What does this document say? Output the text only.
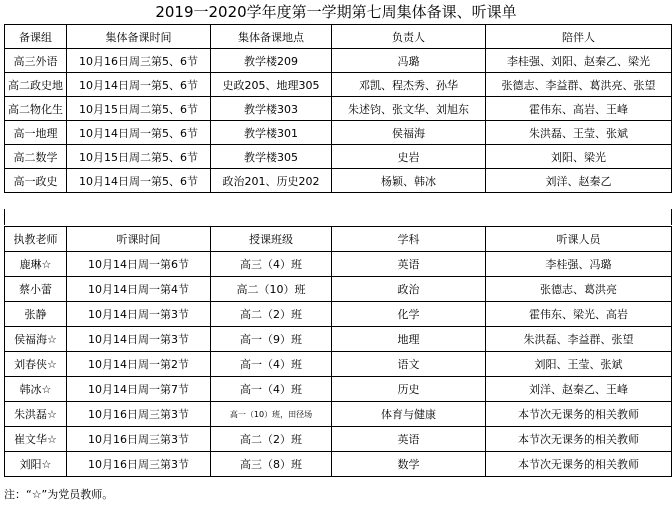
2019一2020学年度第一学期第七周集体备课、听课单
备课组	集体备课时间	集体备课地点	负责人	陪伴人
高三外语	10月16日周三第5、6节	教学楼209	冯璐	李桂强、刘阳、赵秦乙、梁光
高二政史地	10月14日周一第5、6节	史政205、地理305	邓凯、程杰秀、孙华	张德志、李益群、葛洪亮、张望
高二物化生	10月15日周二第5、6节	教学楼303	朱述钧、张文华、刘旭东	霍伟东、高岩、王峰
高一地理	10月14日周一第5、6节	教学楼301	侯福海	朱洪磊、王莹、张斌
高二数学	10月15日周二第5、6节	教学楼305	史岩	刘阳、梁光
高一政史	10月14日周一第5、6节	政治201、历史202	杨颖、韩冰	刘洋、赵秦乙
执教老师	听课时间	授课班级	学科	听课人员
鹿琳☆	10月14日周一第6节	高三（4）班	英语	李桂强、冯璐
蔡小蕾	10月14日周一第4节	高二（10）班	政治	张德志、葛洪亮
张静	10月14日周一第3节	高二（2）班	化学	霍伟东、梁光、高岩
侯福海☆	10月14日周一第3节	高一（9）班	地理	朱洪磊、李益群、张望
刘春侠☆	10月14日周一第2节	高一（4）班	语文	刘阳、王莹、张斌
韩冰☆	10月14日周一第7节	高一（4）班	历史	刘洋、赵秦乙、王峰
朱洪磊☆	10月16日周三第3节	高一（10）班，田径场	体育与健康	本节次无课务的相关教师
崔文华☆	10月16日周三第3节	高二（2）班	英语	本节次无课务的相关教师
刘阳☆	10月16日周三第3节	高三（8）班	数学	本节次无课务的相关教师
注：“☆”为党员教师。
